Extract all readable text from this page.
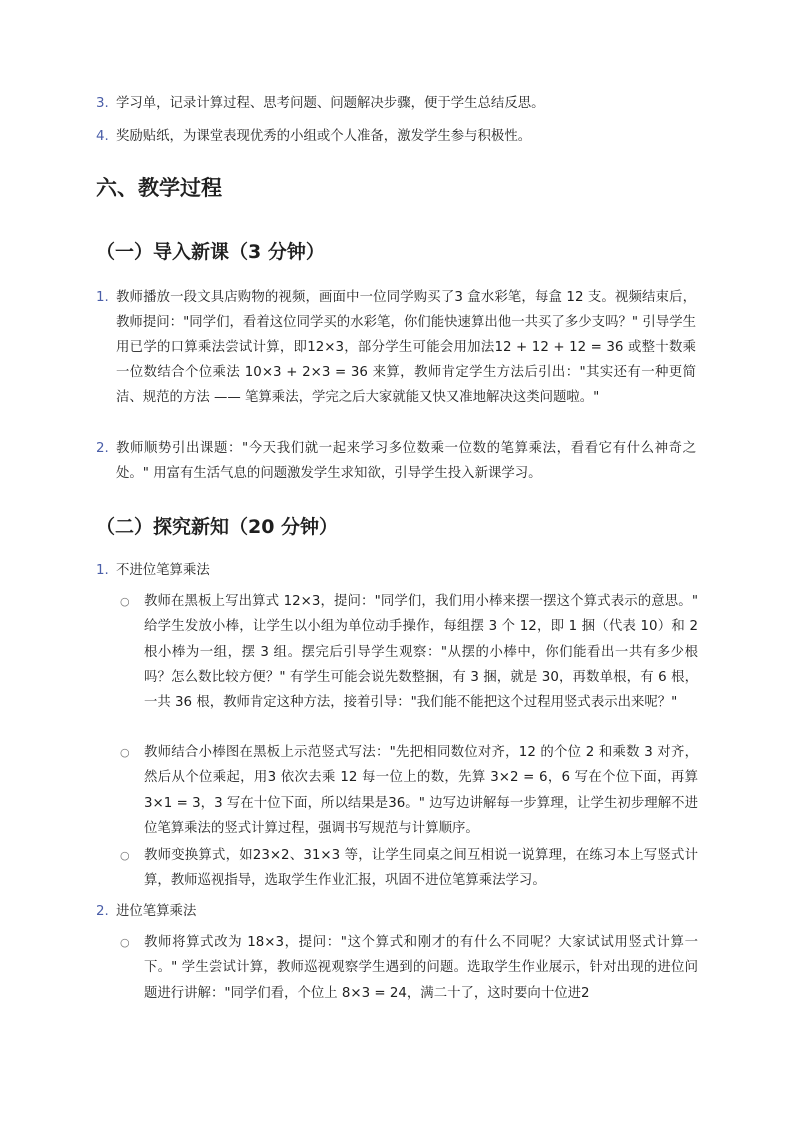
3. 学习单，记录计算过程、思考问题、问题解决步骤，便于学生总结反思。
4. 奖励贴纸，为课堂表现优秀的小组或个人准备，激发学生参与积极性。
六、教学过程
（一）导入新课（3 分钟）
1. 教师播放一段文具店购物的视频，画面中一位同学购买了3 盒水彩笔，每盒 12 支。视频结束后，教师提问："同学们，看着这位同学买的水彩笔，你们能快速算出他一共买了多少支吗？" 引导学生用已学的口算乘法尝试计算，即12×3，部分学生可能会用加法12 + 12 + 12 = 36 或整十数乘一位数结合个位乘法 10×3 + 2×3 = 36 来算，教师肯定学生方法后引出："其实还有一种更简洁、规范的方法 —— 笔算乘法，学完之后大家就能又快又准地解决这类问题啦。"
2. 教师顺势引出课题："今天我们就一起来学习多位数乘一位数的笔算乘法，看看它有什么神奇之处。" 用富有生活气息的问题激发学生求知欲，引导学生投入新课学习。
（二）探究新知（20 分钟）
1. 不进位笔算乘法
○ 教师在黑板上写出算式 12×3，提问："同学们，我们用小棒来摆一摆这个算式表示的意思。" 给学生发放小棒，让学生以小组为单位动手操作，每组摆 3 个 12，即 1 捆（代表 10）和 2 根小棒为一组，摆 3 组。摆完后引导学生观察："从摆的小棒中，你们能看出一共有多少根吗？怎么数比较方便？" 有学生可能会说先数整捆，有 3 捆，就是 30，再数单根，有 6 根，一共 36 根，教师肯定这种方法，接着引导："我们能不能把这个过程用竖式表示出来呢？"
○ 教师结合小棒图在黑板上示范竖式写法："先把相同数位对齐，12 的个位 2 和乘数 3 对齐，然后从个位乘起，用3 依次去乘 12 每一位上的数，先算 3×2 = 6，6 写在个位下面，再算 3×1 = 3，3 写在十位下面，所以结果是36。" 边写边讲解每一步算理，让学生初步理解不进位笔算乘法的竖式计算过程，强调书写规范与计算顺序。
○ 教师变换算式，如23×2、31×3 等，让学生同桌之间互相说一说算理，在练习本上写竖式计算，教师巡视指导，选取学生作业汇报，巩固不进位笔算乘法学习。
2. 进位笔算乘法
○ 教师将算式改为 18×3，提问："这个算式和刚才的有什么不同呢？大家试试用竖式计算一下。" 学生尝试计算，教师巡视观察学生遇到的问题。选取学生作业展示，针对出现的进位问题进行讲解："同学们看，个位上 8×3 = 24，满二十了，这时要向十位进2
